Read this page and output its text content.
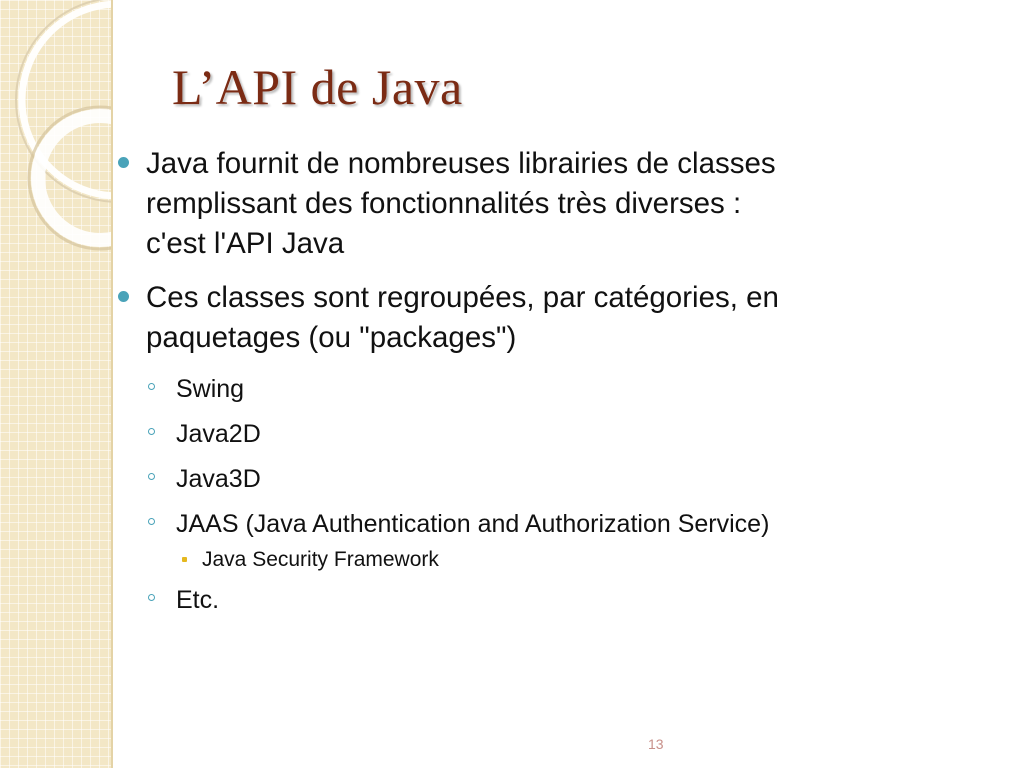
L’API de Java
Java fournit de nombreuses librairies de classes
remplissant des fonctionnalités très diverses :
c'est l'API Java
Ces classes sont regroupées, par catégories, en
paquetages (ou "packages")
Swing
Java2D
Java3D
JAAS (Java Authentication and Authorization Service)
Java Security Framework
Etc.
13
